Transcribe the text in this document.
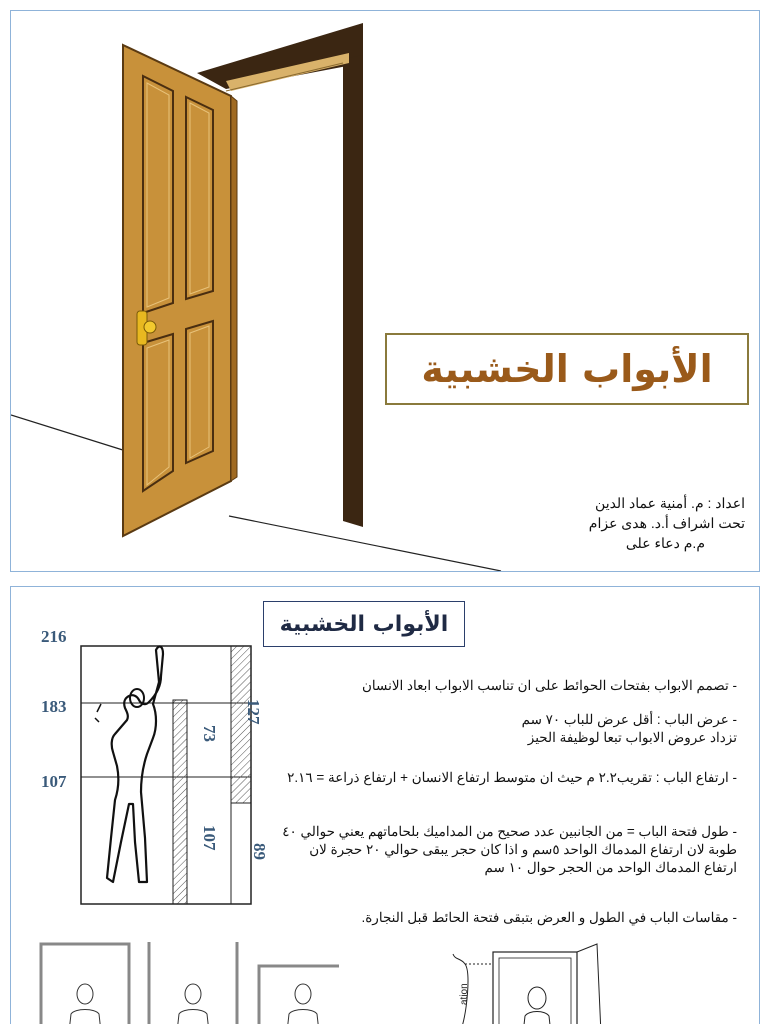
الأبواب الخشبية
اعداد : م. أمنية عماد الدين
تحت اشراف أ.د. هدى عزام
م.م دعاء على
الأبواب الخشبية
216
183
107
127
73
107
89
- تصمم الابواب بفتحات الحوائط على ان تناسب الابواب ابعاد الانسان
- عرض الباب : أقل عرض للباب ٧٠ سم
تزداد عروض الابواب تبعا لوظيفة الحيز
- ارتفاع الباب : تقريب٢.٢ م حيث ان متوسط ارتفاع الانسان + ارتفاع ذراعة = ٢.١٦
- طول فتحة الباب = من الجانبين عدد صحيح من المداميك بلحاماتهم يعني حوالي ٤٠ طوبة لان ارتفاع المدماك الواحد ٥سم و اذا كان حجر يبقى حوالي ٢٠ حجرة لان ارتفاع المدماك الواحد من الحجر حوال ١٠ سم
- مقاسات الباب في الطول و العرض بتبقى فتحة الحائط قبل النجارة.
ation
